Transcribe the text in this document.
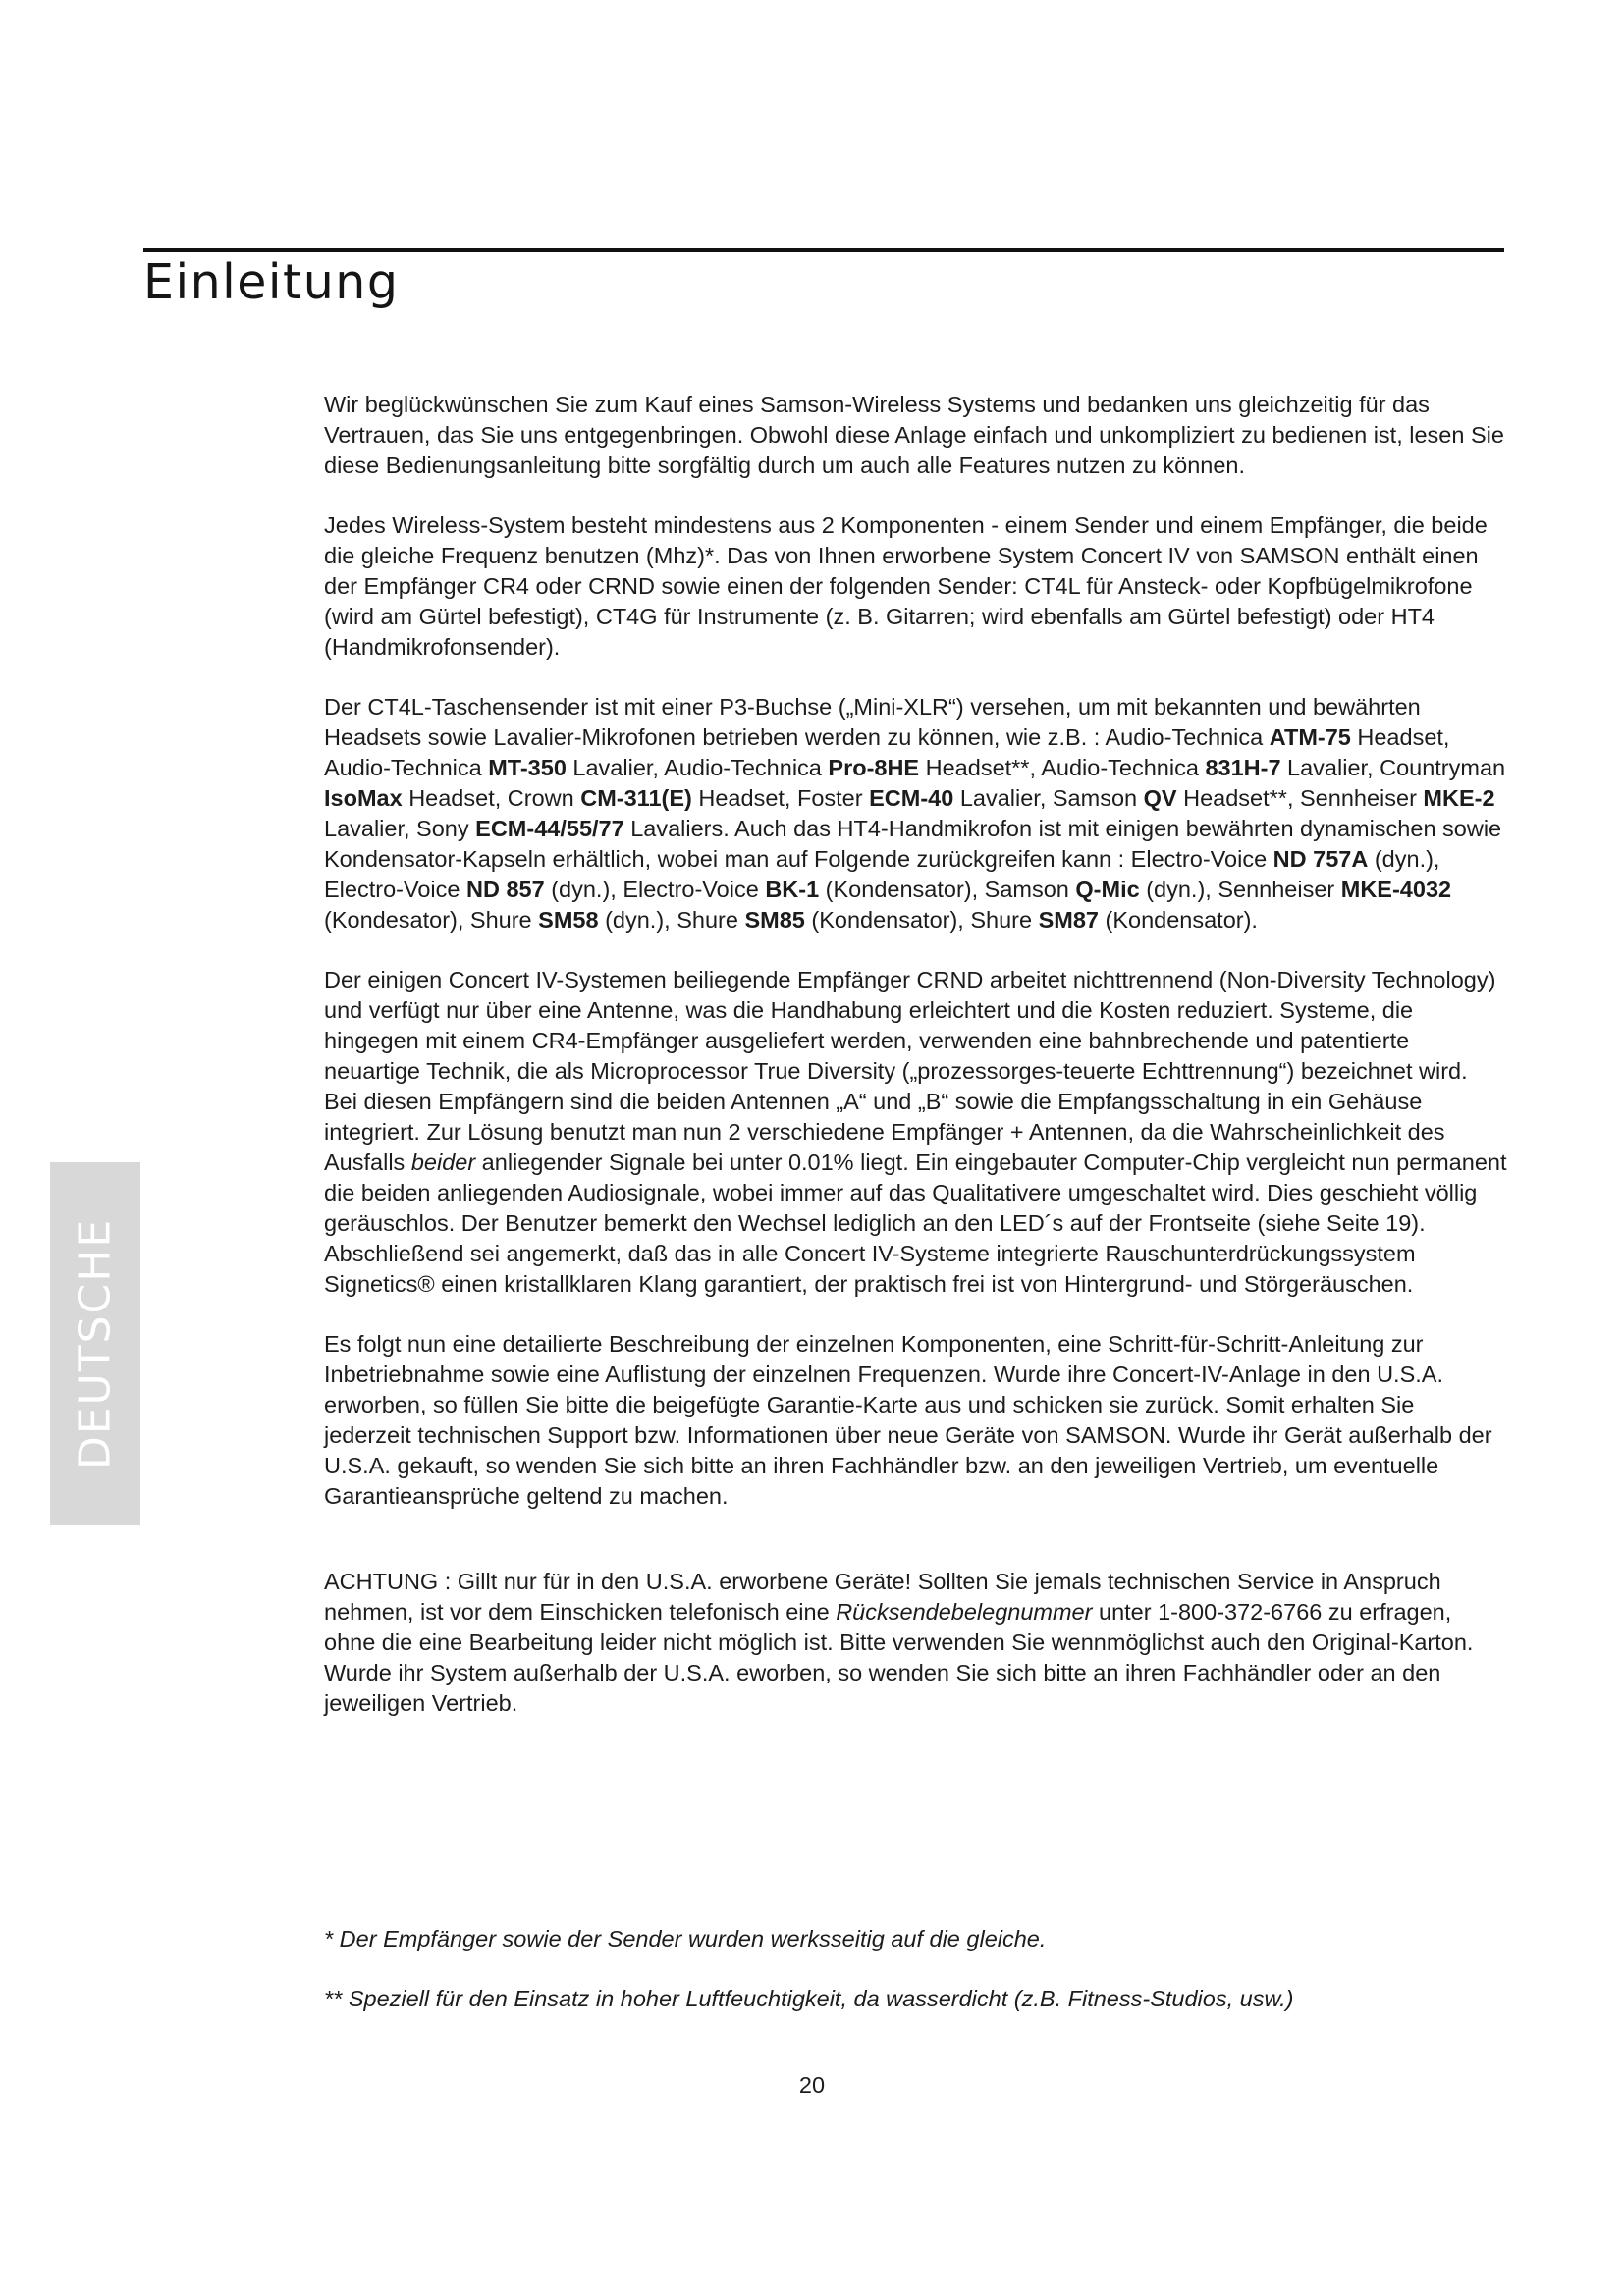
Einleitung
DEUTSCHE

Wir beglückwünschen Sie zum Kauf eines Samson-Wireless Systems und bedanken uns gleichzeitig für das Vertrauen, das Sie uns entgegenbringen. Obwohl diese Anlage einfach und unkompliziert zu bedienen ist, lesen Sie diese Bedienungsanleitung bitte sorgfältig durch um auch alle Features nutzen zu können.

Jedes Wireless-System besteht mindestens aus 2 Komponenten - einem Sender und einem Empfänger, die beide die gleiche Frequenz benutzen (Mhz)*. Das von Ihnen erworbene System Concert IV von SAMSON enthält einen der Empfänger CR4 oder CRND sowie einen der folgenden Sender: CT4L für Ansteck- oder Kopfbügelmikrofone (wird am Gürtel befestigt), CT4G für Instrumente (z. B. Gitarren; wird ebenfalls am Gürtel befestigt) oder HT4 (Handmikrofonsender).

Der CT4L-Taschensender ist mit einer P3-Buchse („Mini-XLR“) versehen, um mit bekannten und bewährten Headsets sowie Lavalier-Mikrofonen betrieben werden zu können, wie z.B. : Audio-Technica ATM-75 Headset, Audio-Technica MT-350 Lavalier, Audio-Technica Pro-8HE Headset**, Audio-Technica 831H-7 Lavalier, Countryman IsoMax Headset, Crown CM-311(E) Headset, Foster ECM-40 Lavalier, Samson QV Headset**, Sennheiser MKE-2 Lavalier, Sony ECM-44/55/77 Lavaliers. Auch das HT4-Handmikrofon ist mit einigen bewährten dynamischen sowie Kondensator-Kapseln erhältlich, wobei man auf Folgende zurückgreifen kann : Electro-Voice ND 757A (dyn.), Electro-Voice ND 857 (dyn.), Electro-Voice BK-1 (Kondensator), Samson Q-Mic (dyn.), Sennheiser MKE-4032 (Kondesator), Shure SM58 (dyn.), Shure SM85 (Kondensator), Shure SM87 (Kondensator).

Der einigen Concert IV-Systemen beiliegende Empfänger CRND arbeitet nichttrennend (Non-Diversity Technology) und verfügt nur über eine Antenne, was die Handhabung erleichtert und die Kosten reduziert. Systeme, die hingegen mit einem CR4-Empfänger ausgeliefert werden, verwenden eine bahnbrechende und patentierte neuartige Technik, die als Microprocessor True Diversity („prozessorges-teuerte Echttrennung“) bezeichnet wird. Bei diesen Empfängern sind die beiden Antennen „A“ und „B“ sowie die Empfangsschaltung in ein Gehäuse integriert. Zur Lösung benutzt man nun 2 verschiedene Empfänger + Antennen, da die Wahrscheinlichkeit des Ausfalls beider anliegender Signale bei unter 0.01% liegt. Ein eingebauter Computer-Chip vergleicht nun permanent die beiden anliegenden Audiosignale, wobei immer auf das Qualitativere umgeschaltet wird. Dies geschieht völlig geräuschlos. Der Benutzer bemerkt den Wechsel lediglich an den LED´s auf der Frontseite (siehe Seite 19). Abschließend sei angemerkt, daß das in alle Concert IV-Systeme integrierte Rauschunterdrückungssystem Signetics® einen kristallklaren Klang garantiert, der praktisch frei ist von Hintergrund- und Störgeräuschen.

Es folgt nun eine detailierte Beschreibung der einzelnen Komponenten, eine Schritt-für-Schritt-Anleitung zur Inbetriebnahme sowie eine Auflistung der einzelnen Frequenzen. Wurde ihre Concert-IV-Anlage in den U.S.A. erworben, so füllen Sie bitte die beigefügte Garantie-Karte aus und schicken sie zurück. Somit erhalten Sie jederzeit technischen Support bzw. Informationen über neue Geräte von SAMSON. Wurde ihr Gerät außerhalb der U.S.A. gekauft, so wenden Sie sich bitte an ihren Fachhändler bzw. an den jeweiligen Vertrieb, um eventuelle Garantieansprüche geltend zu machen.

ACHTUNG : Gillt nur für in den U.S.A. erworbene Geräte! Sollten Sie jemals technischen Service in Anspruch nehmen, ist vor dem Einschicken telefonisch eine Rücksendebelegnummer unter 1-800-372-6766 zu erfragen, ohne die eine Bearbeitung leider nicht möglich ist. Bitte verwenden Sie wennmöglichst auch den Original-Karton. Wurde ihr System außerhalb der U.S.A. eworben, so wenden Sie sich bitte an ihren Fachhändler oder an den jeweiligen Vertrieb.

* Der Empfänger sowie der Sender wurden werksseitig auf die gleiche.

** Speziell für den Einsatz in hoher Luftfeuchtigkeit, da wasserdicht (z.B. Fitness-Studios, usw.)

20
